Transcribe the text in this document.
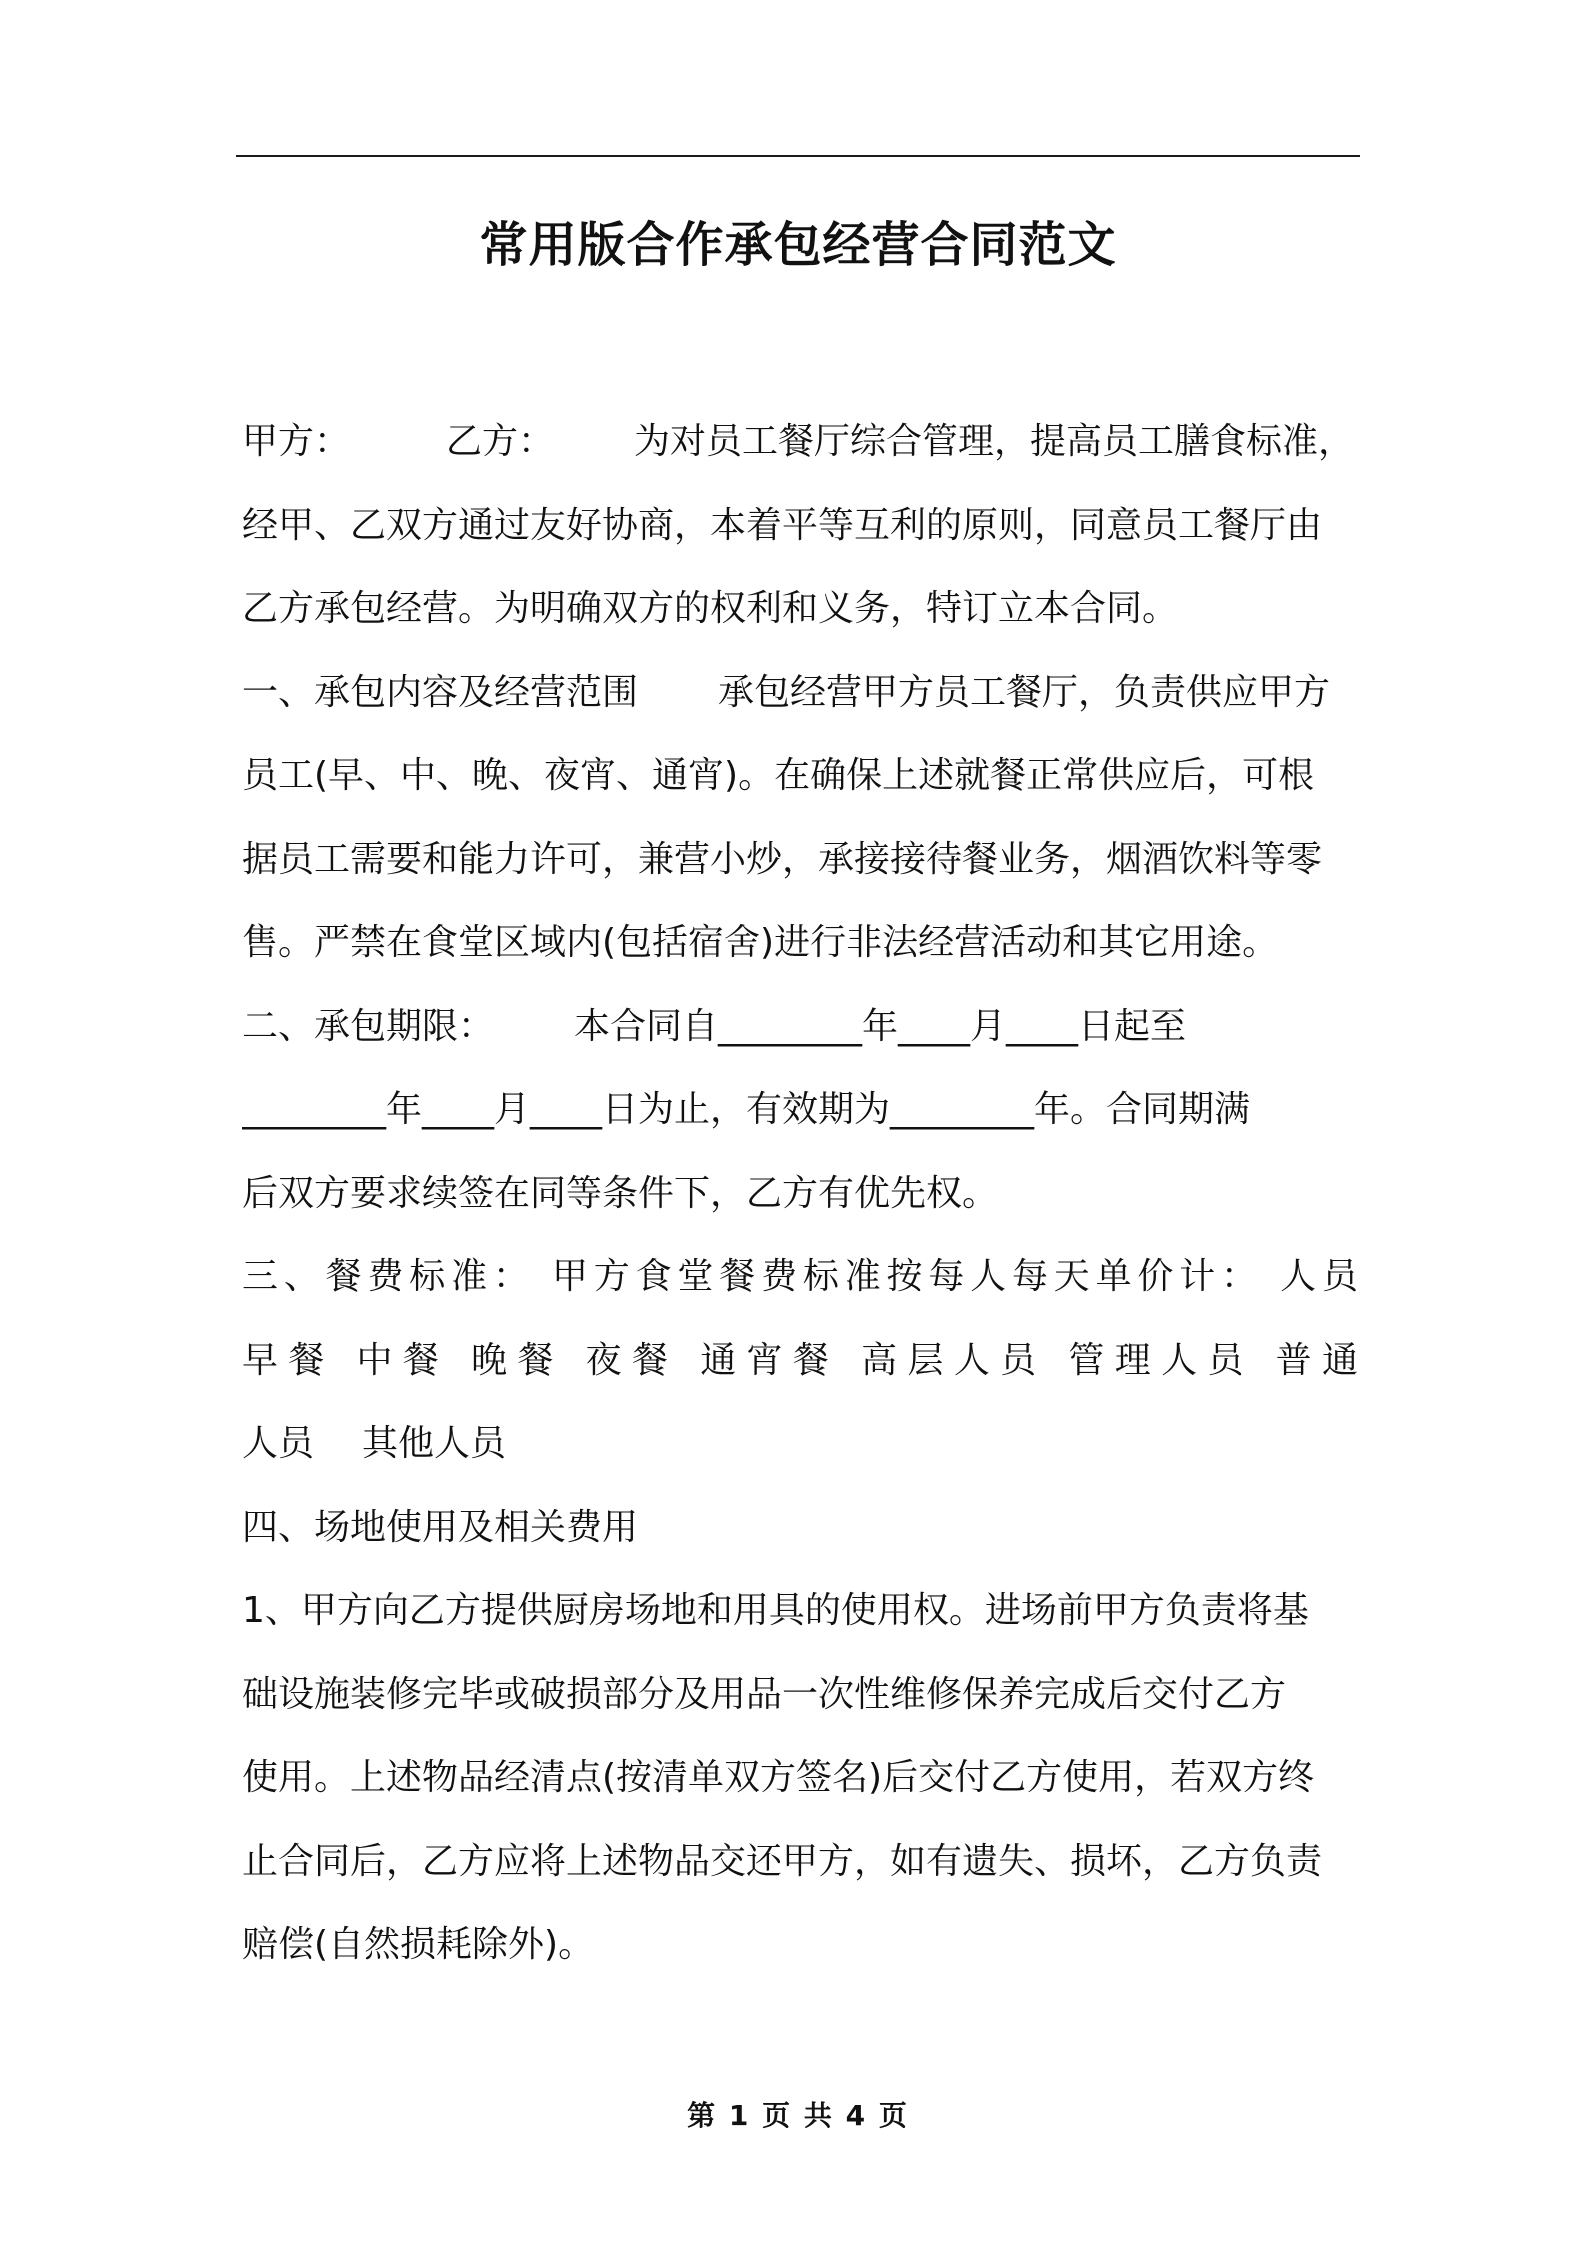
常用版合作承包经营合同范文
甲方：	乙方： 为对员工餐厅综合管理，提高员工膳食标准，
经甲、乙双方通过友好协商，本着平等互利的原则，同意员工餐厅由
乙方承包经营。为明确双方的权利和义务，特订立本合同。
一、承包内容及经营范围 承包经营甲方员工餐厅，负责供应甲方
员工(早、中、晚、夜宵、通宵)。在确保上述就餐正常供应后，可根
据员工需要和能力许可，兼营小炒，承接接待餐业务，烟酒饮料等零
售。严禁在食堂区域内(包括宿舍)进行非法经营活动和其它用途。
二、承包期限： 本合同自________年____月____日起至
________年____月____日为止，有效期为________年。合同期满
后双方要求续签在同等条件下，乙方有优先权。
三、餐费标准： 甲方食堂餐费标准按每人每天单价计： 人员
早餐 中餐 晚餐 夜餐 通宵餐 高层人员 管理人员 普通
人员 其他人员
四、场地使用及相关费用
1、甲方向乙方提供厨房场地和用具的使用权。进场前甲方负责将基
础设施装修完毕或破损部分及用品一次性维修保养完成后交付乙方
使用。上述物品经清点(按清单双方签名)后交付乙方使用，若双方终
止合同后，乙方应将上述物品交还甲方，如有遗失、损坏，乙方负责
赔偿(自然损耗除外)。
第 1 页 共 4 页
